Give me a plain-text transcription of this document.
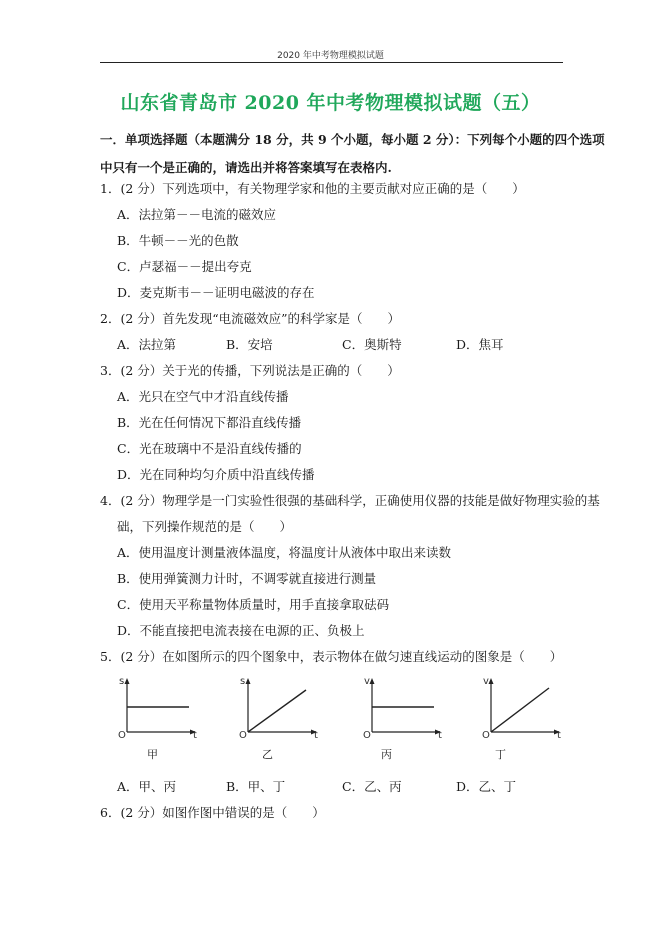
2020 年中考物理模拟试题
山东省青岛市 2020 年中考物理模拟试题（五）
一．单项选择题（本题满分 18 分，共 9 个小题，每小题 2 分）：下列每个小题的四个选项
中只有一个是正确的，请选出并将答案填写在表格内.
1．(2 分）下列选项中，有关物理学家和他的主要贡献对应正确的是（　　）
A．法拉第－－电流的磁效应
B．牛顿－－光的色散
C．卢瑟福－－提出夸克
D．麦克斯韦－－证明电磁波的存在
2．(2 分）首先发现“电流磁效应”的科学家是（　　）
A．法拉第	B．安培	C．奥斯特	D．焦耳
3．(2 分）关于光的传播，下列说法是正确的（　　）
A．光只在空气中才沿直线传播
B．光在任何情况下都沿直线传播
C．光在玻璃中不是沿直线传播的
D．光在同种均匀介质中沿直线传播
4．(2 分）物理学是一门实验性很强的基础科学，正确使用仪器的技能是做好物理实验的基
础，下列操作规范的是（　　）
A．使用温度计测量液体温度，将温度计从液体中取出来读数
B．使用弹簧测力计时，不调零就直接进行测量
C．使用天平称量物体质量时，用手直接拿取砝码
D．不能直接把电流表接在电源的正、负极上
5．(2 分）在如图所示的四个图象中，表示物体在做匀速直线运动的图象是（　　）
s
O	t
甲
s
O	t
乙
v
O	t
丙
v
O	t
丁
A．甲、丙	B．甲、丁	C．乙、丙	D．乙、丁
6．(2 分）如图作图中错误的是（　　）
